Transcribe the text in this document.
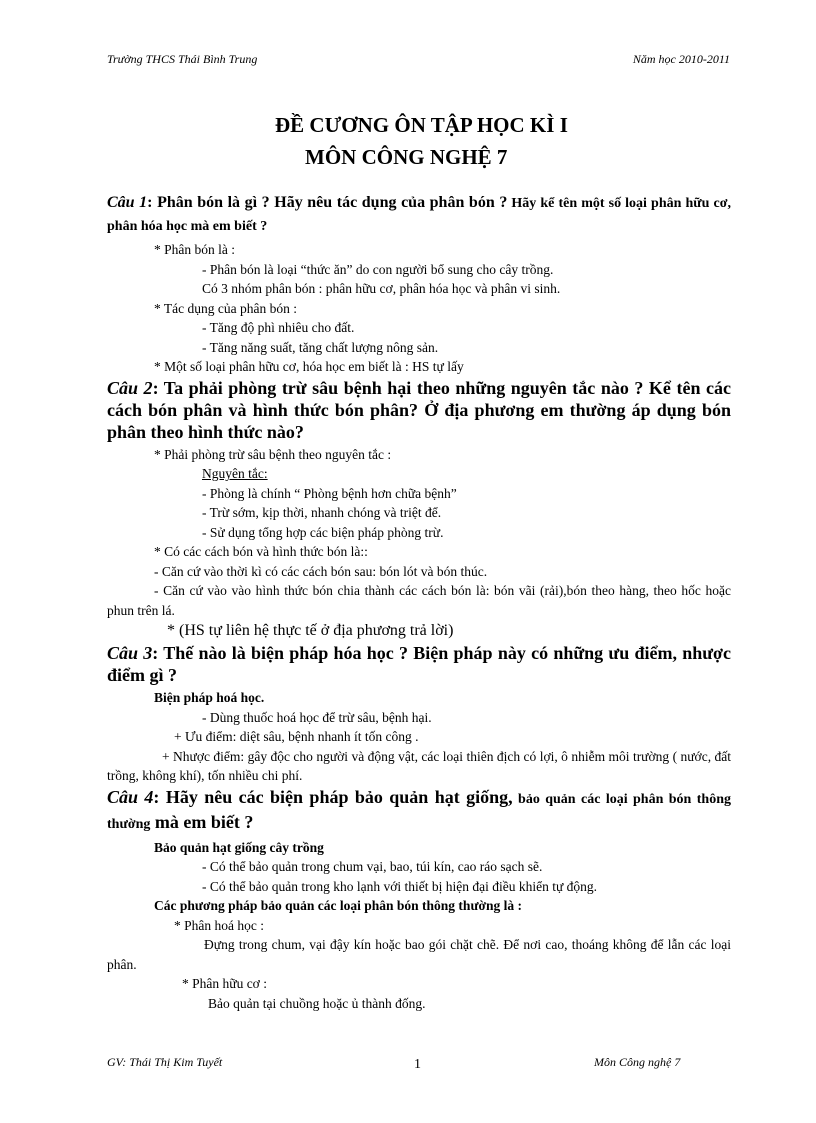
Trường THCS Thái Bình Trung	Năm học 2010-2011
ĐỀ CƯƠNG ÔN TẬP HỌC KÌ I
MÔN CÔNG NGHỆ 7

Câu 1: Phân bón là gì ? Hãy nêu tác dụng của phân bón ? Hãy kể tên một số loại phân hữu cơ, phân hóa học mà em biết ?

* Phân bón là :

- Phân bón là loại “thức ăn” do con người bổ sung cho cây trồng.

Có 3 nhóm phân bón : phân hữu cơ, phân hóa học và phân vi sinh.

* Tác dụng của phân bón :

- Tăng độ phì nhiêu cho đất.

- Tăng năng suất, tăng chất lượng nông sản.

* Một số loại phân hữu cơ, hóa học em biết là : HS tự lấy

Câu 2: Ta phải phòng trừ sâu bệnh hại theo những nguyên tắc nào ? Kể tên các cách bón phân và hình thức bón phân? Ở địa phương em thường áp dụng bón phân theo hình thức nào?

* Phải phòng trừ sâu bệnh theo nguyên tắc :

Nguyên tắc:

- Phòng là chính “ Phòng bệnh hơn chữa bệnh”

- Trừ sớm, kịp thời, nhanh chóng và triệt để.

- Sử dụng tổng hợp các biện pháp phòng trừ.

* Có các cách bón và hình thức bón là::

- Căn cứ vào thời kì có các cách bón sau: bón lót và bón thúc.

- Căn cứ vào vào hình thức bón chia thành các cách bón là: bón vãi (rải),bón theo hàng, theo hốc hoặc phun trên lá.

* (HS tự liên hệ thực tế ở địa phương trả lời)

Câu 3: Thế nào là biện pháp hóa học ? Biện pháp này có những ưu điểm, nhược điểm gì ?

Biện pháp hoá học.

- Dùng thuốc hoá học để trừ sâu, bệnh hại.

+ Ưu điểm: diệt sâu, bệnh nhanh ít tốn công .

+ Nhược điểm: gây độc cho người và động vật, các loại thiên địch có lợi, ô nhiễm môi trường ( nước, đất trồng, không khí), tốn nhiều chi phí.

Câu 4: Hãy nêu các biện pháp bảo quản hạt giống, bảo quản các loại phân bón thông thường mà em biết ?

Bảo quản hạt giống cây trồng

- Có thể bảo quản trong chum vại, bao, túi kín, cao ráo sạch sẽ.

- Có thể bảo quản trong kho lạnh với thiết bị hiện đại điều khiển tự động.

Các phương pháp bảo quản các loại phân bón thông thường là :

* Phân hoá học :

Đựng trong chum, vại đậy kín hoặc bao gói chặt chẽ. Để nơi cao, thoáng không để lẫn các loại phân.

* Phân hữu cơ :

Bảo quản tại chuồng hoặc ủ thành đống.

GV: Thái Thị Kim Tuyết	1	Môn Công nghệ 7
